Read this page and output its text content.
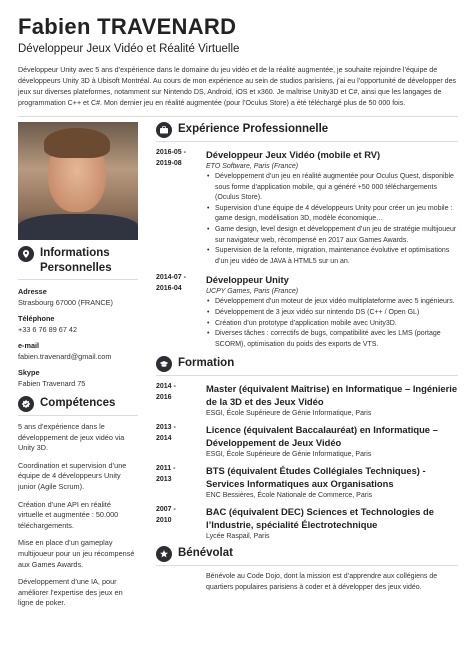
Fabien TRAVENARD
Développeur Jeux Vidéo et Réalité Virtuelle
Développeur Unity avec 5 ans d’expérience dans le domaine du jeu vidéo et de la réalité augmentée, je souhaite rejoindre l’équipe de développeurs Unity 3D à Ubisoft Montréal. Au cours de mon expérience au sein de studios parisiens, j’ai eu l’opportunité de développer des jeux sur diverses plateformes, notamment sur Nintendo DS, Android, iOS et x360. Je maîtrise Unity3D et C#, ainsi que les langages de programmation C++ et C#. Mon dernier jeu en réalité augmentée (pour l’Oculus Store) a été téléchargé plus de 50 000 fois.
Informations Personnelles
Adresse
Strasbourg 67000 (FRANCE)
Téléphone
+33 6 76 89 67 42
e-mail
fabien.travenard@gmail.com
Skype
Fabien Travenard 75
Compétences
5 ans d’expérience dans le développement de jeux vidéo via Unity 3D.
Coordination et supervision d’une équipe de 4 développeurs Unity junior (Agile Scrum).
Création d’une API en réalité virtuelle et augmentée : 50.000 téléchargements.
Mise en place d’un gameplay multijoueur pour un jeu récompensé aux Games Awards.
Développement d’une IA, pour améliorer l’expertise des jeux en ligne de poker.
Expérience Professionnelle
2016-05 -
2019-08
Développeur Jeux Vidéo (mobile et RV)
ETO Software, Paris (France)
• Développement d’un jeu en réalité augmentée pour Oculus Quest, disponible sous forme d’application mobile, qui a généré +50 000 téléchargements (Oculus Store).
• Supervision d’une équipe de 4 développeurs Unity pour créer un jeu mobile : game design, modélisation 3D, modèle économique…
• Game design, level design et développement d’un jeu de stratégie multijoueur sur navigateur web, récompensé en 2017 aux Games Awards.
• Supervision de la refonte, migration, maintenance évolutive et optimisations d’un jeu vidéo de JAVA à HTML5 sur un an.
2014-07 -
2016-04
Développeur Unity
UCPY Games, Paris (France)
• Développement d’un moteur de jeux vidéo multiplateforme avec 5 ingénieurs.
• Développement de 3 jeux vidéo sur nintendo DS (C++ / Open GL)
• Création d’un prototype d’application mobile avec Unity3D.
• Diverses tâches : correctifs de bugs, compatibilité avec les LMS (portage SCORM), optimisation du poids des exports de VTS.
Formation
2014 -
2016
Master (équivalent Maîtrise) en Informatique – Ingénierie de la 3D et des Jeux Vidéo
ESGI, École Supérieure de Génie Informatique, Paris
2013 -
2014
Licence (équivalent Baccalauréat) en Informatique – Développement de Jeux Vidéo
ESGI, École Supérieure de Génie Informatique, Paris
2011 -
2013
BTS (équivalent Études Collégiales Techniques) - Services Informatiques aux Organisations
ENC Bessières, École Nationale de Commerce, Paris
2007 -
2010
BAC (équivalent DEC) Sciences et Technologies de l’Industrie, spécialité Électrotechnique
Lycée Raspail, Paris
Bénévolat
Bénévole au Code Dojo, dont la mission est d’apprendre aux collégiens de quartiers populaires parisiens à coder et à développer des jeux vidéo.
